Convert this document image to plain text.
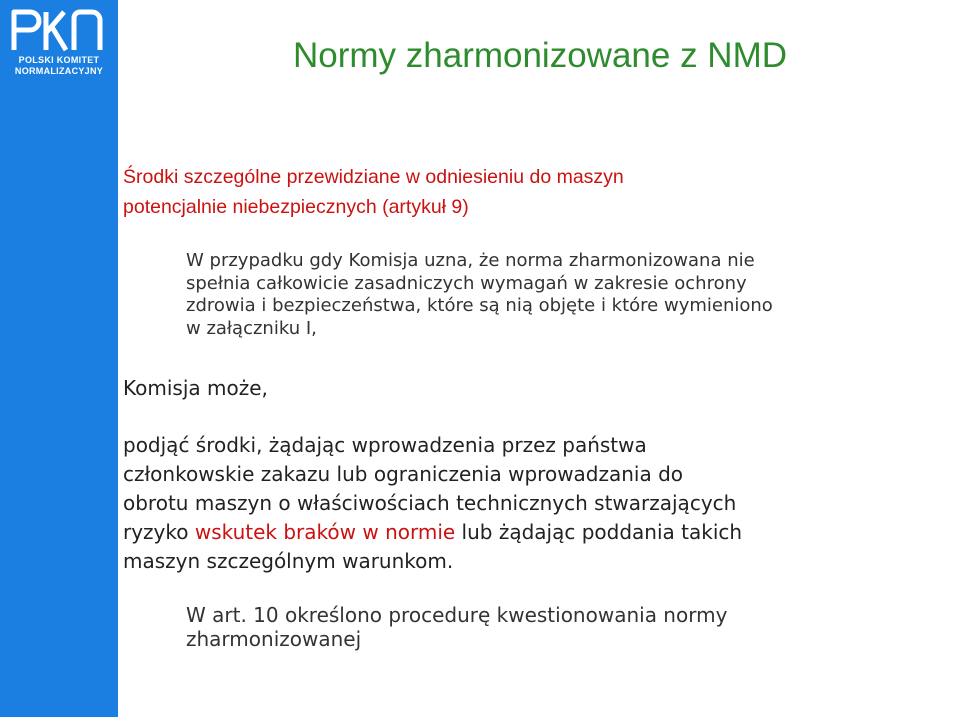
POLSKI KOMITET
NORMALIZACYJNY	Normy zharmonizowane z NMD
Środki szczególne przewidziane w odniesieniu do maszyn
potencjalnie niebezpiecznych (artykuł 9)
W przypadku gdy Komisja uzna, że norma zharmonizowana nie
spełnia całkowicie zasadniczych wymagań w zakresie ochrony
zdrowia i bezpieczeństwa, które są nią objęte i które wymieniono
w załączniku I,
Komisja może,
podjąć środki, żądając wprowadzenia przez państwa
członkowskie zakazu lub ograniczenia wprowadzania do
obrotu maszyn o właściwościach technicznych stwarzających
ryzyko wskutek braków w normie lub żądając poddania takich
maszyn szczególnym warunkom.
W art. 10 określono procedurę kwestionowania normy
zharmonizowanej
